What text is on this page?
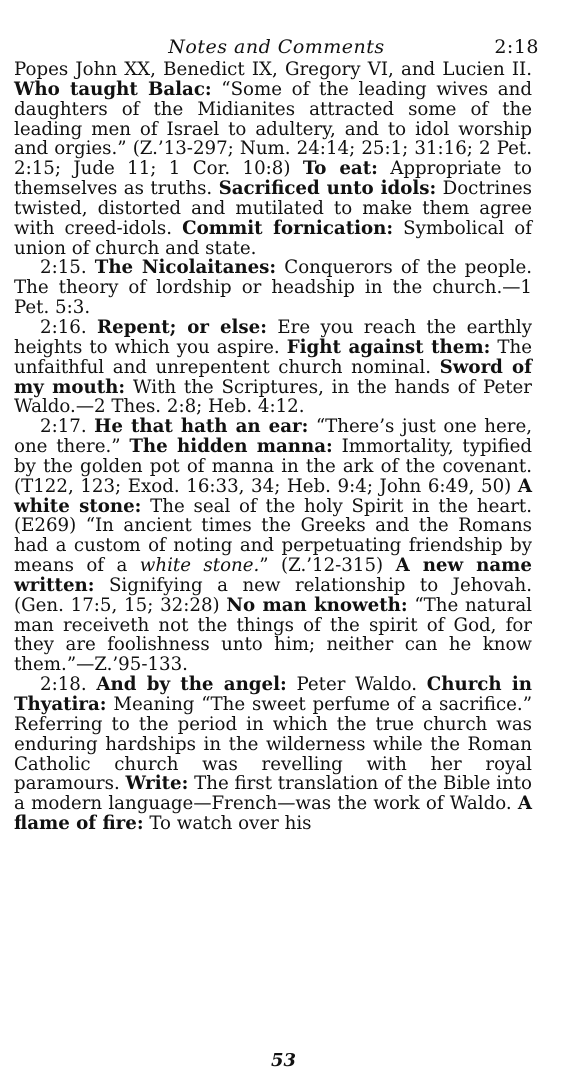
Notes and Comments	2:18

Popes John XX, Benedict IX, Gregory VI, and Lucien II. Who taught Balac: “Some of the leading wives and daughters of the Midianites attracted some of the leading men of Israel to adultery, and to idol worship and orgies.” (Z.’13-297; Num. 24:14; 25:1; 31:16; 2 Pet. 2:15; Jude 11; 1 Cor. 10:8) To eat: Appropriate to themselves as truths. Sacrificed unto idols: Doctrines twisted, distorted and mutilated to make them agree with creed-idols. Commit fornication: Symbolical of union of church and state.

2:15. The Nicolaitanes: Conquerors of the people. The theory of lordship or headship in the church.—1 Pet. 5:3.

2:16. Repent; or else: Ere you reach the earthly heights to which you aspire. Fight against them: The unfaithful and unrepentent church nominal. Sword of my mouth: With the Scriptures, in the hands of Peter Waldo.—2 Thes. 2:8; Heb. 4:12.

2:17. He that hath an ear: “There’s just one here, one there.” The hidden manna: Immortality, typified by the golden pot of manna in the ark of the covenant. (T122, 123; Exod. 16:33, 34; Heb. 9:4; John 6:49, 50) A white stone: The seal of the holy Spirit in the heart. (E269) “In ancient times the Greeks and the Romans had a custom of noting and perpetuating friendship by means of a white stone.” (Z.’12-315) A new name written: Signifying a new relationship to Jehovah. (Gen. 17:5, 15; 32:28) No man knoweth: “The natural man receiveth not the things of the spirit of God, for they are foolishness unto him; neither can he know them.”—Z.’95-133.

2:18. And by the angel: Peter Waldo. Church in Thyatira: Meaning “The sweet perfume of a sacrifice.” Referring to the period in which the true church was enduring hardships in the wilderness while the Roman Catholic church was revelling with her royal paramours. Write: The first translation of the Bible into a modern language—French—was the work of Waldo. A flame of fire: To watch over his

53
